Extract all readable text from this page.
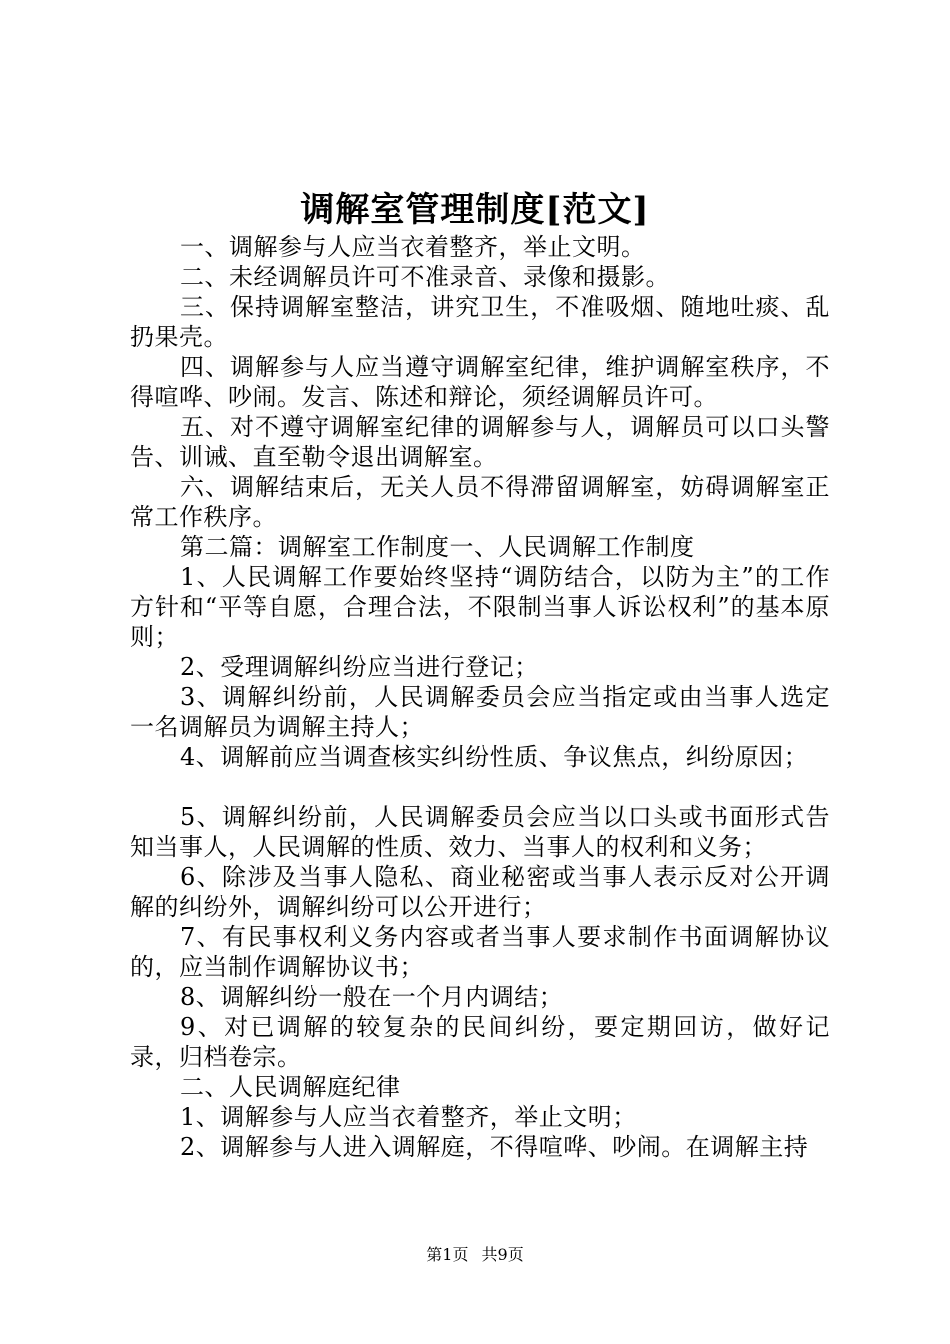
调解室管理制度[范文]

一、调解参与人应当衣着整齐，举止文明。

二、未经调解员许可不准录音、录像和摄影。

三、保持调解室整洁，讲究卫生，不准吸烟、随地吐痰、乱扔果壳。

四、调解参与人应当遵守调解室纪律，维护调解室秩序，不得喧哗、吵闹。发言、陈述和辩论，须经调解员许可。

五、对不遵守调解室纪律的调解参与人，调解员可以口头警告、训诫、直至勒令退出调解室。

六、调解结束后，无关人员不得滞留调解室，妨碍调解室正常工作秩序。

第二篇：调解室工作制度一、人民调解工作制度

1、人民调解工作要始终坚持“调防结合，以防为主”的工作方针和“平等自愿，合理合法，不限制当事人诉讼权利”的基本原则；

2、受理调解纠纷应当进行登记；

3、调解纠纷前，人民调解委员会应当指定或由当事人选定一名调解员为调解主持人；

4、调解前应当调查核实纠纷性质、争议焦点，纠纷原因；

5、调解纠纷前，人民调解委员会应当以口头或书面形式告知当事人，人民调解的性质、效力、当事人的权利和义务；

6、除涉及当事人隐私、商业秘密或当事人表示反对公开调解的纠纷外，调解纠纷可以公开进行；

7、有民事权利义务内容或者当事人要求制作书面调解协议的，应当制作调解协议书；

8、调解纠纷一般在一个月内调结；

9、对已调解的较复杂的民间纠纷，要定期回访，做好记录，归档卷宗。

二、人民调解庭纪律

1、调解参与人应当衣着整齐，举止文明；

2、调解参与人进入调解庭，不得喧哗、吵闹。在调解主持

第1页 共9页
